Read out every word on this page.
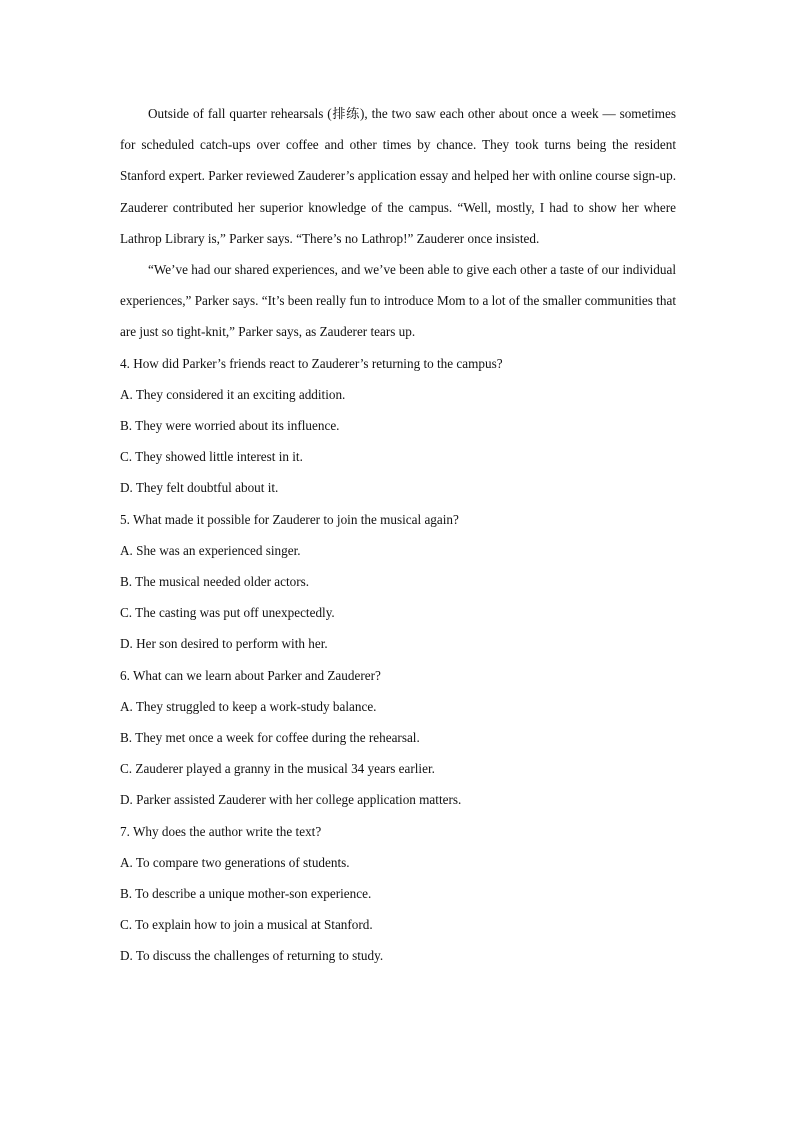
Outside of fall quarter rehearsals (排练), the two saw each other about once a week — sometimes for scheduled catch-ups over coffee and other times by chance. They took turns being the resident Stanford expert. Parker reviewed Zauderer’s application essay and helped her with online course sign-up. Zauderer contributed her superior knowledge of the campus. “Well, mostly, I had to show her where Lathrop Library is,” Parker says. “There’s no Lathrop!” Zauderer once insisted.

“We’ve had our shared experiences, and we’ve been able to give each other a taste of our individual experiences,” Parker says. “It’s been really fun to introduce Mom to a lot of the smaller communities that are just so tight-knit,” Parker says, as Zauderer tears up.

4. How did Parker’s friends react to Zauderer’s returning to the campus?

A. They considered it an exciting addition.

B. They were worried about its influence.

C. They showed little interest in it.

D. They felt doubtful about it.

5. What made it possible for Zauderer to join the musical again?

A. She was an experienced singer.

B. The musical needed older actors.

C. The casting was put off unexpectedly.

D. Her son desired to perform with her.

6. What can we learn about Parker and Zauderer?

A. They struggled to keep a work-study balance.

B. They met once a week for coffee during the rehearsal.

C. Zauderer played a granny in the musical 34 years earlier.

D. Parker assisted Zauderer with her college application matters.

7. Why does the author write the text?

A. To compare two generations of students.

B. To describe a unique mother-son experience.

C. To explain how to join a musical at Stanford.

D. To discuss the challenges of returning to study.
